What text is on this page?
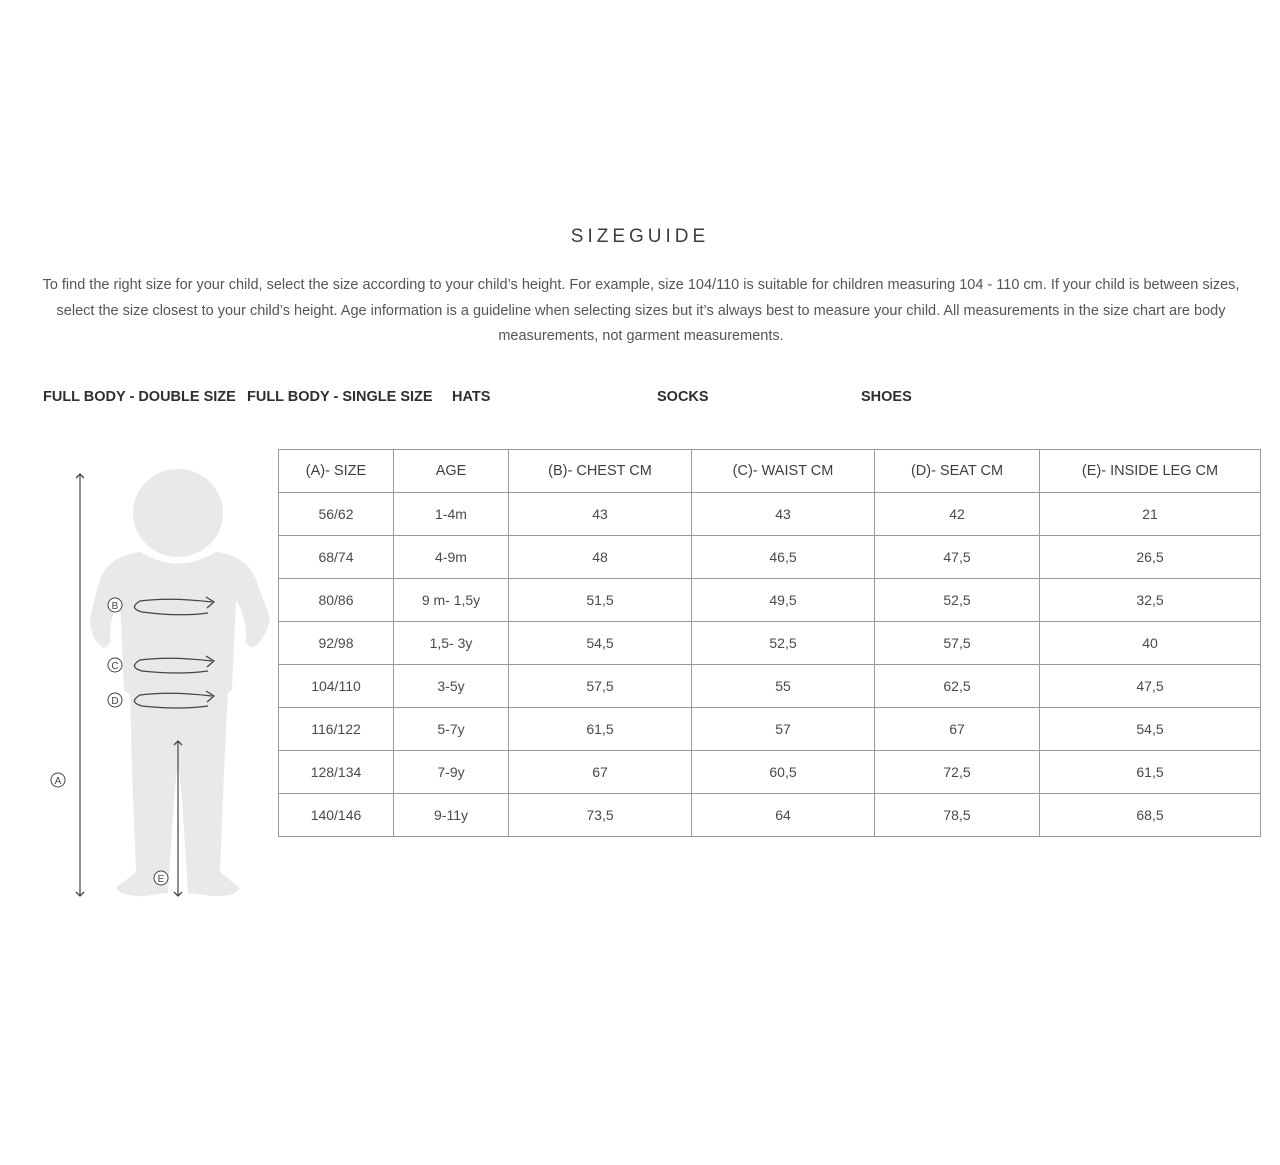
SIZEGUIDE

To find the right size for your child, select the size according to your child’s height. For example, size 104/110 is suitable for children measuring 104 - 110 cm. If your child is between sizes, select the size closest to your child’s height. Age information is a guideline when selecting sizes but it’s always best to measure your child. All measurements in the size chart are body measurements, not garment measurements.

FULL BODY - DOUBLE SIZE FULL BODY - SINGLE SIZE HATS	SOCKS	SHOES
A
B
C
D
E
(A)- SIZE	AGE	(B)- CHEST CM	(C)- WAIST CM	(D)- SEAT CM	(E)- INSIDE LEG CM
56/62	1-4m	43	43	42	21
68/74	4-9m	48	46,5	47,5	26,5
80/86	9 m- 1,5y	51,5	49,5	52,5	32,5
92/98	1,5- 3y	54,5	52,5	57,5	40
104/110	3-5y	57,5	55	62,5	47,5
116/122	5-7y	61,5	57	67	54,5
128/134	7-9y	67	60,5	72,5	61,5
140/146	9-11y	73,5	64	78,5	68,5
